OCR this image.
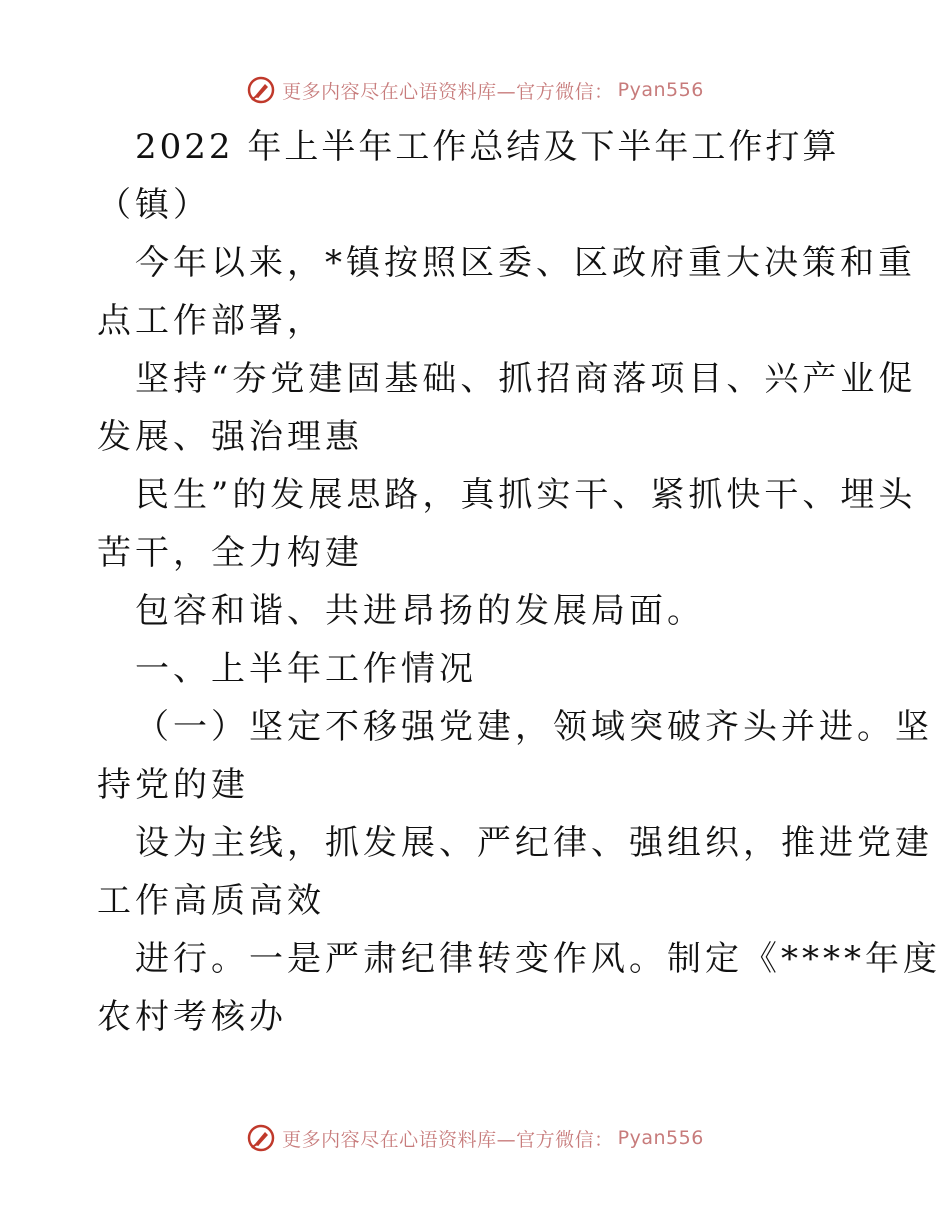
更多内容尽在心语资料库—官方微信： Pyan556
2022 年上半年工作总结及下半年工作打算
（镇）
今年以来，*镇按照区委、区政府重大决策和重
点工作部署，
坚持“夯党建固基础、抓招商落项目、兴产业促
发展、强治理惠
民生”的发展思路，真抓实干、紧抓快干、埋头
苦干，全力构建
包容和谐、共进昂扬的发展局面。
一、上半年工作情况
（一）坚定不移强党建，领域突破齐头并进。坚
持党的建
设为主线，抓发展、严纪律、强组织，推进党建
工作高质高效
进行。一是严肃纪律转变作风。制定《****年度
农村考核办
更多内容尽在心语资料库—官方微信： Pyan556
